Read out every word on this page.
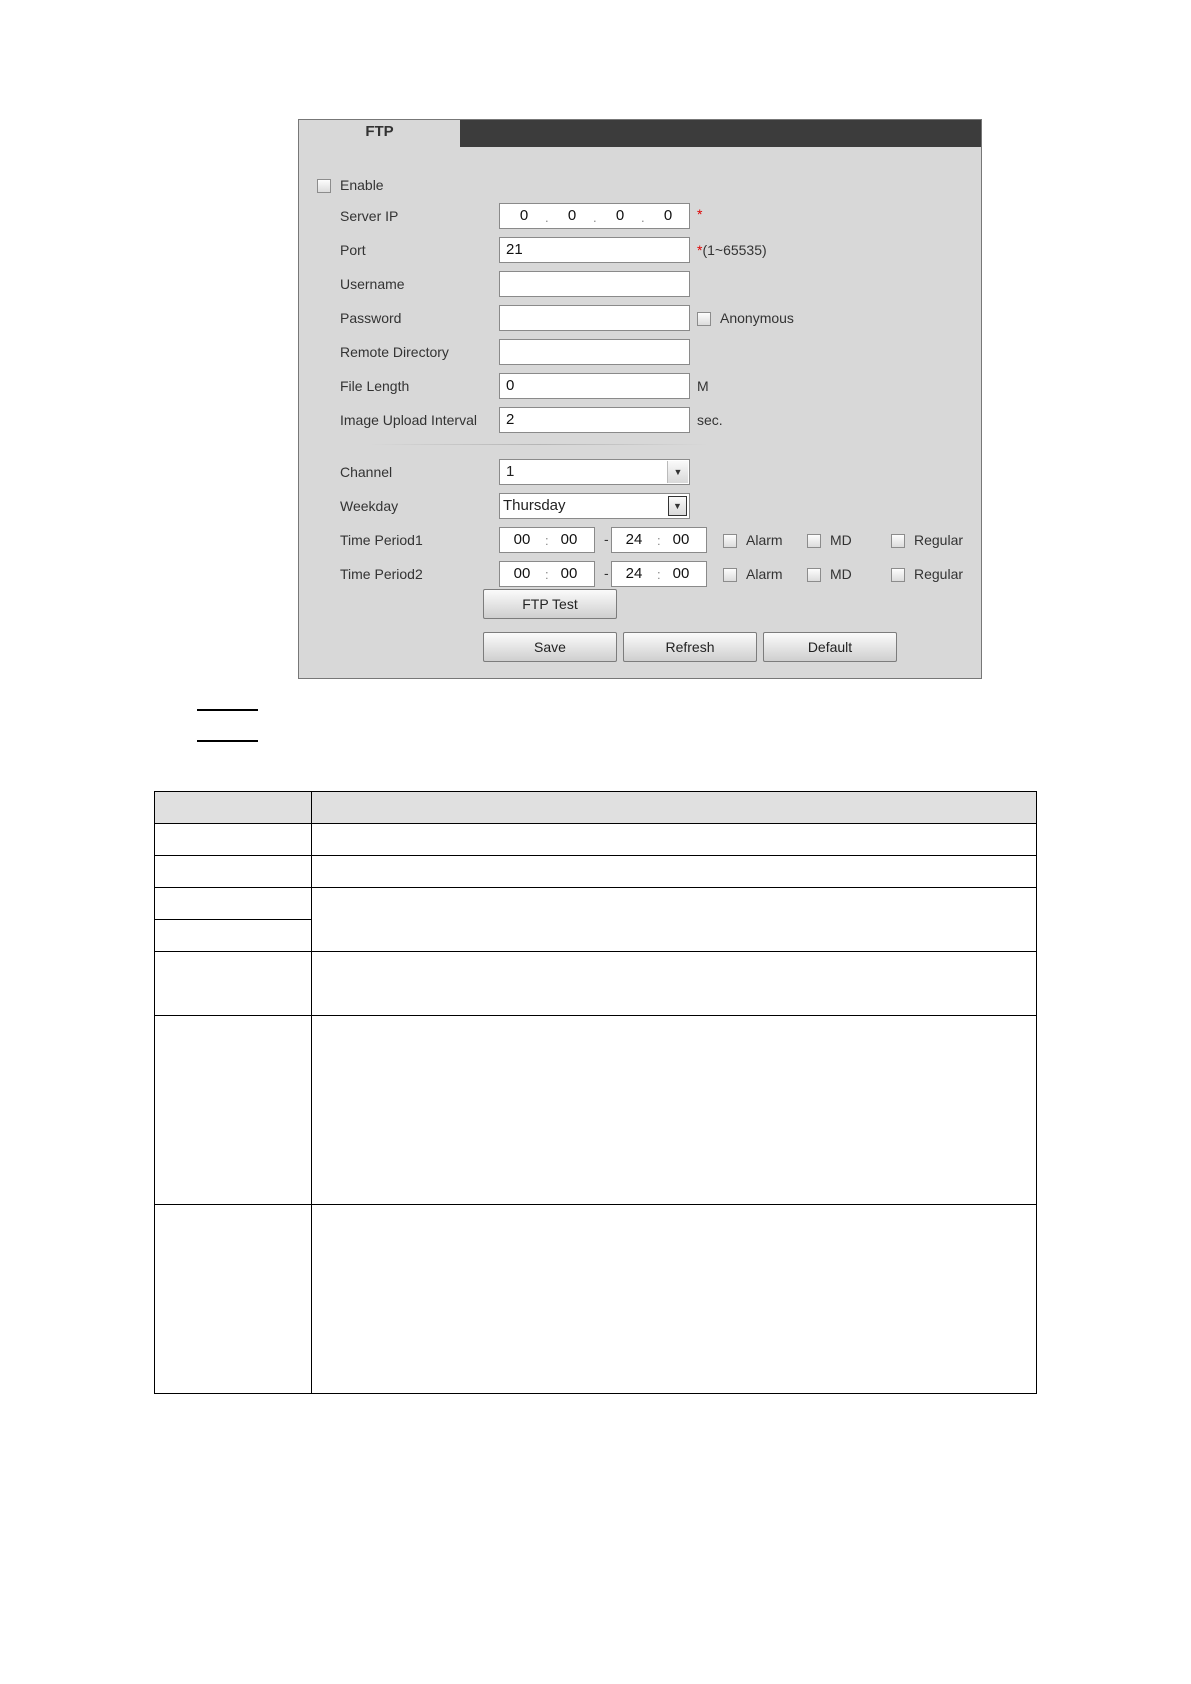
FTP
Enable
Server IP	0	.	0	.	0	.	0	*
Port	21	*(1~65535)
Username
Password	Anonymous
Remote Directory
File Length	0	M
Image Upload Interval	2	sec.
Channel	1	▼
Weekday	Thursday	▼
Time Period1	00 : 00 - 24 : 00	Alarm	MD	Regular
Time Period2	00 : 00 - 24 : 00	Alarm	MD	Regular
FTP Test
Save	Refresh	Default
